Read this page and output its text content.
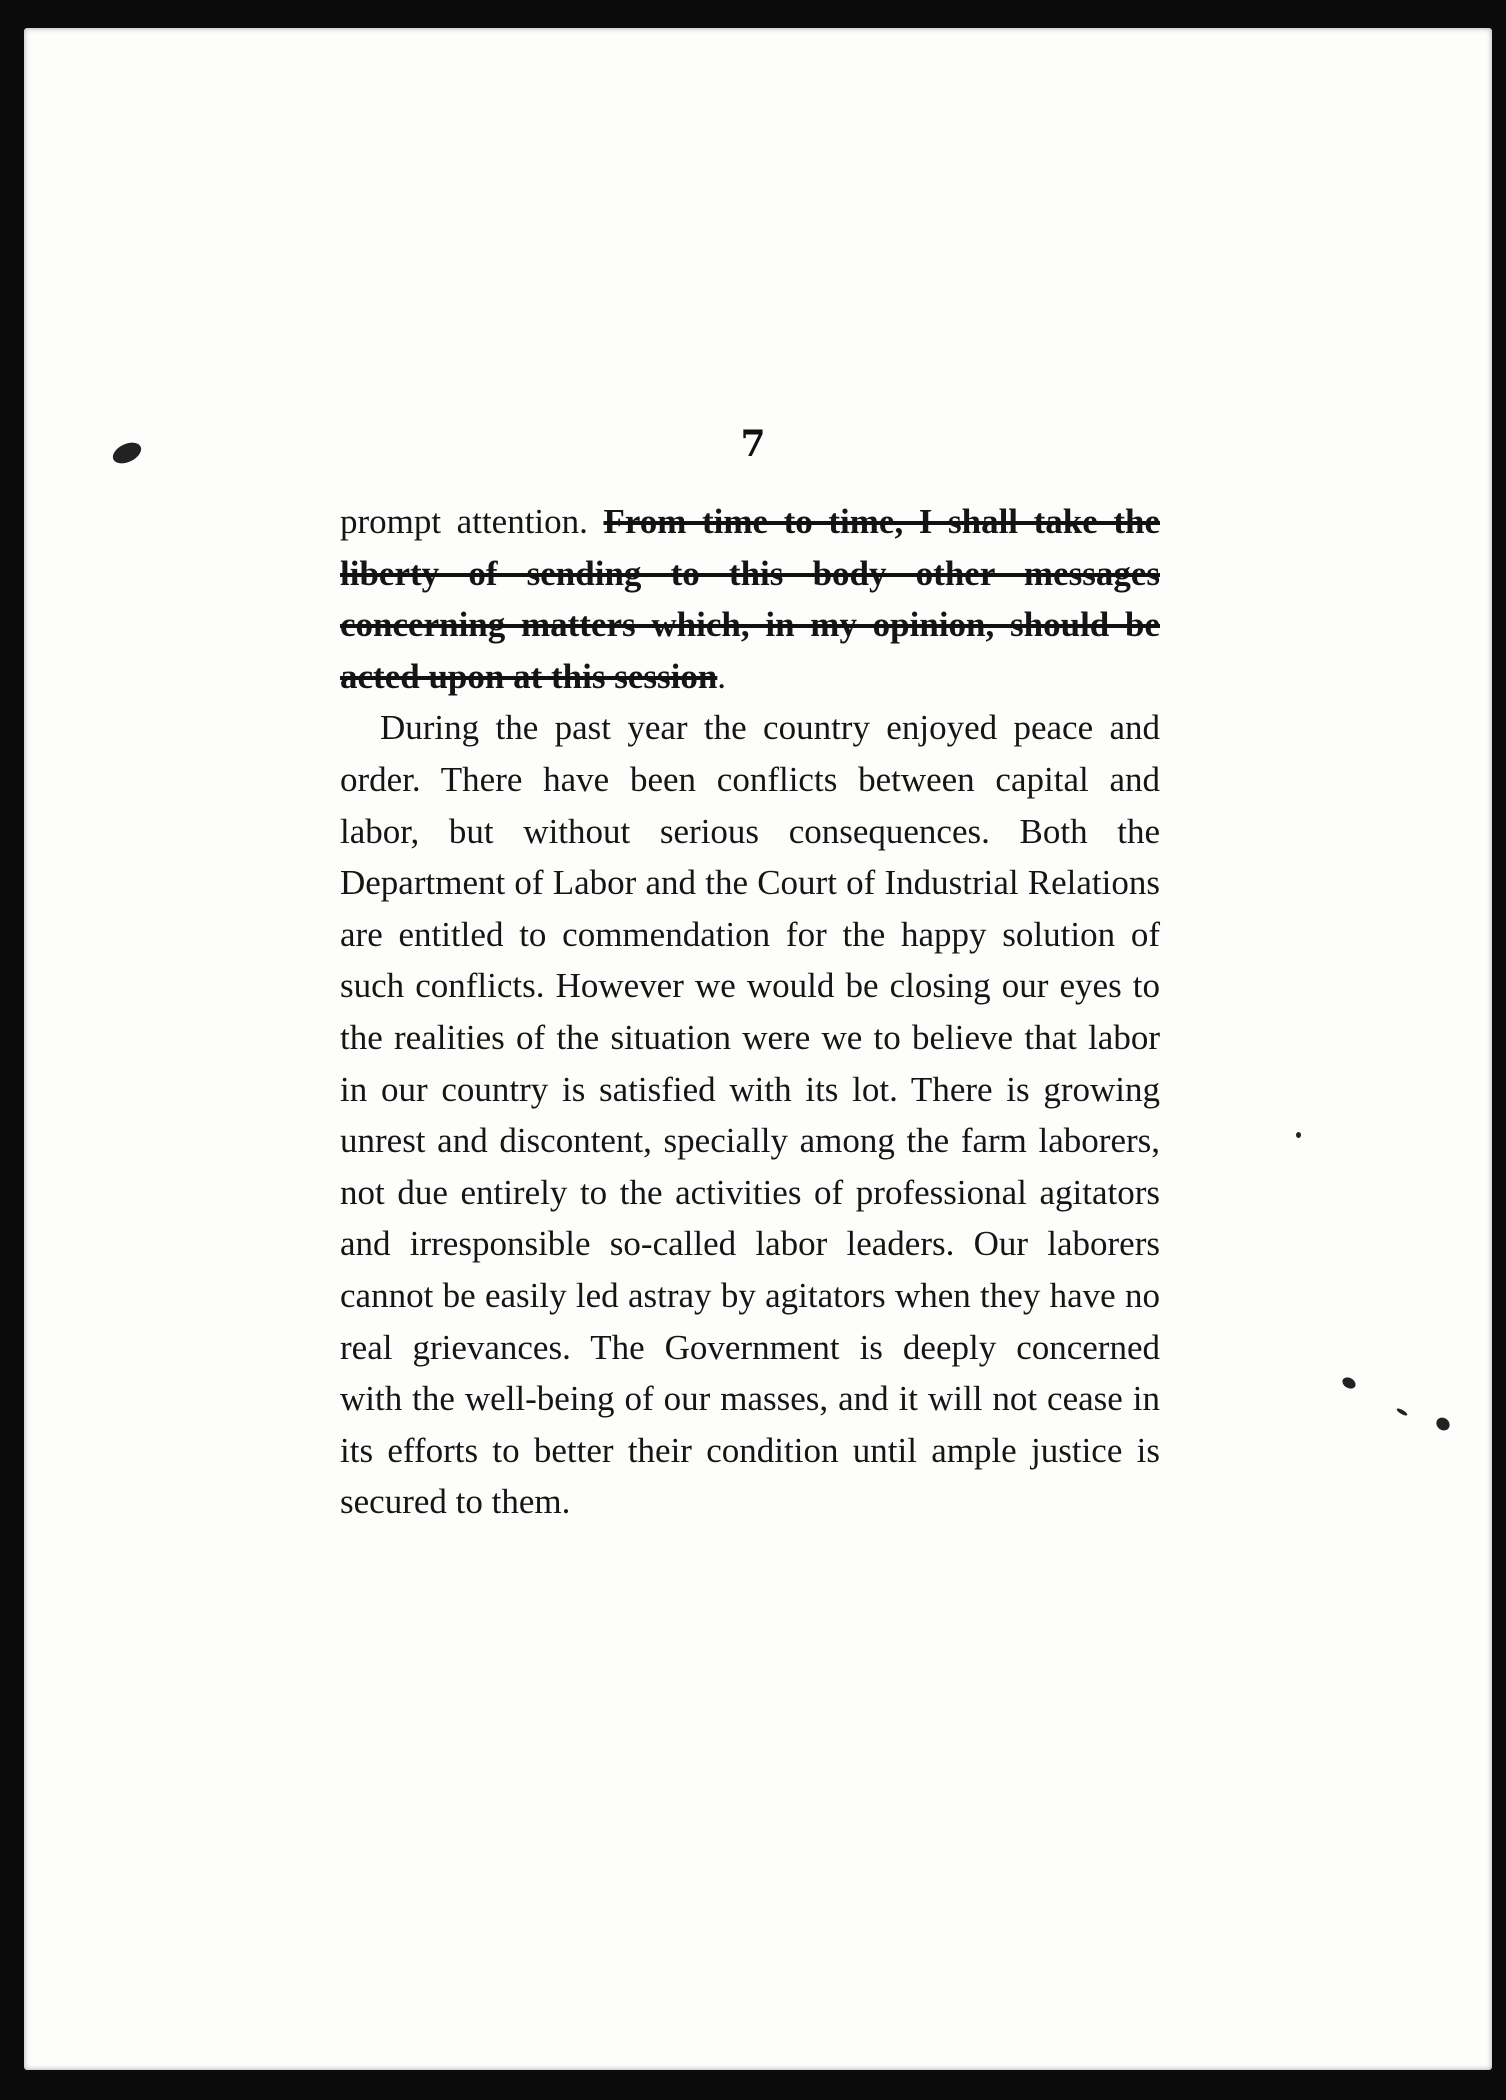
7

prompt attention. From time to time, I shall take the liberty of sending to this body other messages concerning matters which, in my opinion, should be acted upon at this session.

During the past year the country enjoyed peace and order. There have been conflicts between capital and labor, but without serious consequences. Both the Department of Labor and the Court of Industrial Relations are entitled to commendation for the happy solution of such conflicts. However we would be closing our eyes to the realities of the situation were we to believe that labor in our country is satisfied with its lot. There is growing unrest and discontent, specially among the farm laborers, not due entirely to the activities of professional agitators and irresponsible so-called labor leaders. Our laborers cannot be easily led astray by agitators when they have no real grievances. The Government is deeply concerned with the well-being of our masses, and it will not cease in its efforts to better their condition until ample justice is secured to them.
